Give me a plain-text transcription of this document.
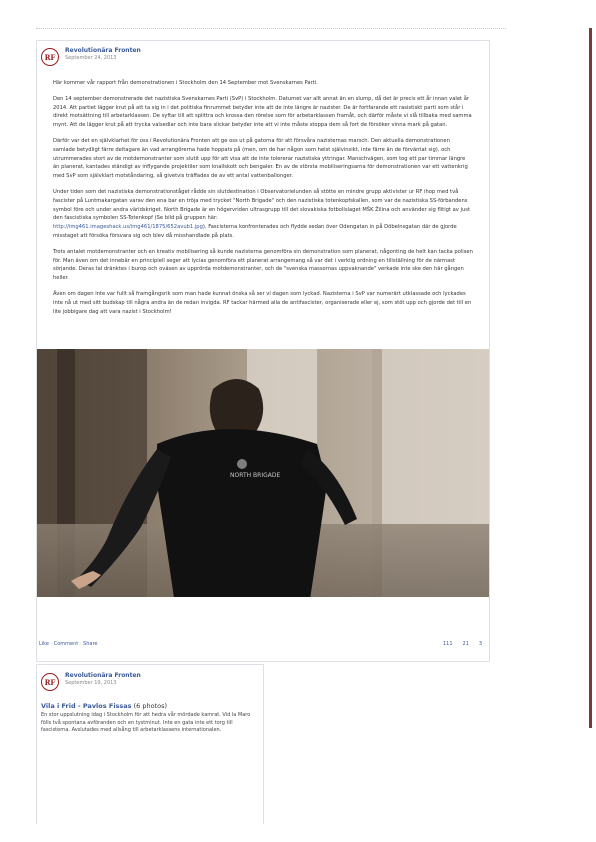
RF
Revolutionära Fronten
September 24, 2013

Här kommer vår rapport från demonstrationen i Stockholm den 14 September mot Svenskarnes Parti.

Den 14 september demonstrerade det nazistiska Svenskarnes Parti (SvP) i Stockholm. Datumet var allt annat än en slump, då det är precis ett år innan valet år 2014. Att partiet lägger krut på att ta sig in i det politiska finrummet betyder inte att de inte längre är nazister. De är fortfarande ett rasistiskt parti som står i direkt motsättning till arbetarklassen. De syftar till att splittra och krossa den rörelse som för arbetarklassen framåt, och därför måste vi slå tillbaka med samma mynt. Att de lägger krut på att trycka valsedlar och inte bara slickar betyder inte att vi inte måste stoppa dem så fort de försöker vinna mark på gatan.

Därför var det en självklarhet för oss i Revolutionära Fronten att ge oss ut på gatorna för att försvåra nazisternas marsch. Den aktuella demonstrationen samlade betydligt färre deltagare än vad arrangörerna hade hoppats på (men, om de har någon som helst självinsikt, inte färre än de förväntat sig), och utrummerades stort av de motdemonstranter som slutit upp för att visa att de inte tolererar nazistiska yttringar. Manschvägen, som tog ett par timmar längre än planerat, kantades ständigt av inflygande projektiler som knallskott och bengaler. En av de största mobiliseringsarna för demonstrationen var ett vattenkrig med SvP som självklart motståndaring, så givetvis träffades de av ett antal vattenballonger.

Under tiden som det nazistiska demonstrationståget rådde sin slutdestination i Observatorielunden så stötte en mindre grupp aktivister ur RF ihop med två fascister på Luntmakargatan varav den ena bar en tröja med trycket "North Brigade" och den nazistiska totenkopfskallen, som var de nazistiska SS-förbandens symbol före och under andra världskriget. North Brigade är en högervriden ultrasgrupp till det slovakiska fotbollslaget MŠK Žilina och använder sig flitigt av just den fascistiska symbolen SS-Totenkopf (Se bild på gruppen här:
http://img461.imageshack.us/img461/1875/652avub1.jpg). Fascisterna konfronterades och flydde sedan över Odengatan in på Döbelnsgatan där de gjorde misstaget att försöka försvara sig och blev då misshandlade på plats.

Trots antalet motdemonstranter och en kreativ mobilisering så kunde nazisterna genomföra sin demonstration som planerat, någonting de helt kan tacka polisen för. Man även om det innebär en principiell seger att lycias genomföra ett planerat arrangemang så var det i verklig ordning en tillställning för de närmast sörjande. Deras tal dränktes i burop och oväsen av upprörda motdemonstranter, och de "svenska massornas uppvaknande" verkade inte ske den här gången heller.

Även om dagen inte var fullt så framgångsrik som man hade kunnat önska så ser vi dagen som lyckad. Nazisterna i SvP var numerärt utklassade och lyckades inte nå ut med sitt budskap till några andra än de redan invigda. RF tackar härmed alla de antifascister, organiserade eller ej, som stöt upp och gjorde det till en lite jobbigare dag att vara nazist i Stockholm!

NORTH BRIGADE
Like · Comment · Share	111 21 3
RF
Revolutionära Fronten
September 19, 2013
Vila i Frid - Pavlos Fissas (6 photos)
En stor uppslutning idag i Stockholm för att hedra vår mördade kamrat. Vid la Maro fölls två spontana avföranden och en tystminut. Inte en gata inte ett torg till fascisterna. Avslutades med allsång till arbetarklassens internationalen.
